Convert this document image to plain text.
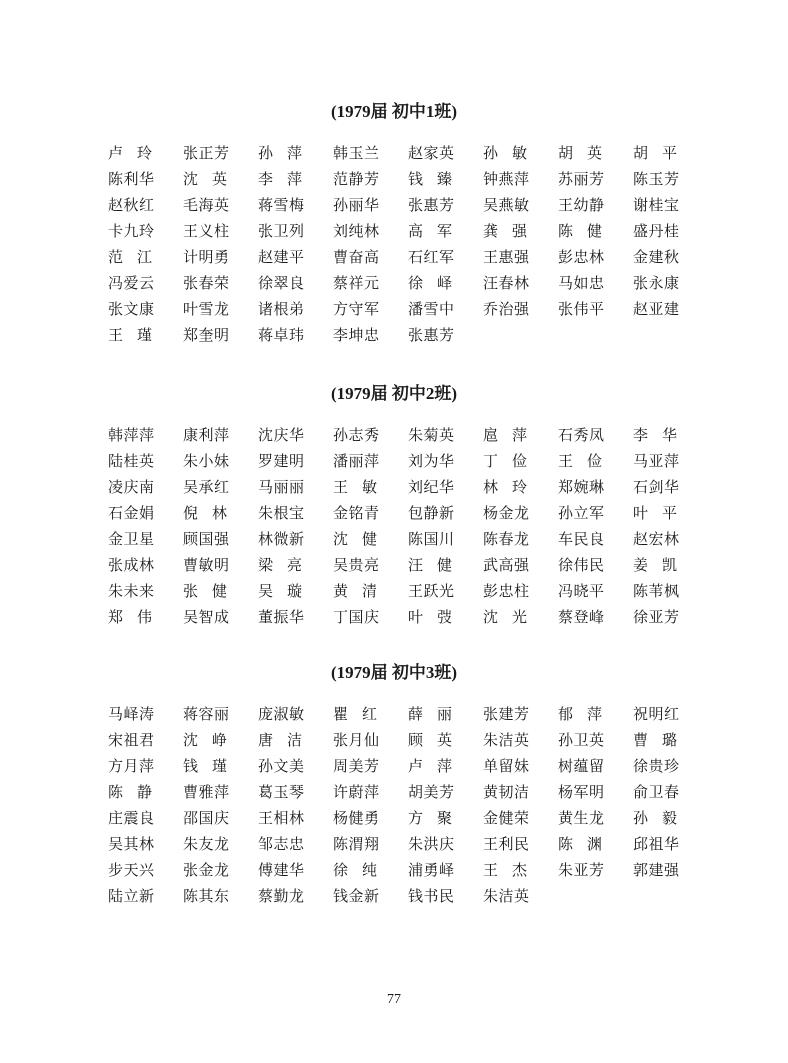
(1979届 初中1班)
卢玲 张正芳 孙萍 韩玉兰 赵家英 孙敏 胡英 胡平
陈利华 沈英 李萍 范静芳 钱臻 钟燕萍 苏丽芳 陈玉芳
赵秋红 毛海英 蒋雪梅 孙丽华 张惠芳 吴燕敏 王幼静 谢桂宝
卡九玲 王义柱 张卫列 刘纯林 高军 龚强 陈健 盛丹桂
范江 计明勇 赵建平 曹奋高 石红军 王惠强 彭忠林 金建秋
冯爱云 张春荣 徐翠良 蔡祥元 徐峄 汪春林 马如忠 张永康
张文康 叶雪龙 诸根弟 方守军 潘雪中 乔治强 张伟平 赵亚建
王瑾 郑奎明 蒋卓玮 李坤忠 张惠芳
(1979届 初中2班)
韩萍萍 康利萍 沈庆华 孙志秀 朱菊英 扈萍 石秀凤 李华
陆桂英 朱小妹 罗建明 潘丽萍 刘为华 丁俭 王俭 马亚萍
凌庆南 吴承红 马丽丽 王敏 刘纪华 林玲 郑婉琳 石剑华
石金娟 倪林 朱根宝 金铭青 包静新 杨金龙 孙立军 叶平
金卫星 顾国强 林微新 沈健 陈国川 陈春龙 车民良 赵宏林
张成林 曹敏明 梁亮 吴贵亮 汪健 武高强 徐伟民 姜凯
朱未来 张健 吴璇 黄清 王跃光 彭忠柱 冯晓平 陈苇枫
郑伟 吴智成 董振华 丁国庆 叶弢 沈光 蔡登峰 徐亚芳
(1979届 初中3班)
马峄涛 蒋容丽 庞淑敏 瞿红 薛丽 张建芳 郁萍 祝明红
宋祖君 沈峥 唐洁 张月仙 顾英 朱洁英 孙卫英 曹璐
方月萍 钱瑾 孙文美 周美芳 卢萍 单留妹 树蕴留 徐贵珍
陈静 曹雅萍 葛玉琴 许蔚萍 胡美芳 黄韧洁 杨军明 俞卫春
庄震良 邵国庆 王相林 杨健勇 方聚 金健荣 黄生龙 孙毅
吴其林 朱友龙 邹志忠 陈渭翔 朱洪庆 王利民 陈渊 邱祖华
步天兴 张金龙 傅建华 徐纯 浦勇峄 王杰 朱亚芳 郭建强
陆立新 陈其东 蔡勤龙 钱金新 钱书民 朱洁英
77
